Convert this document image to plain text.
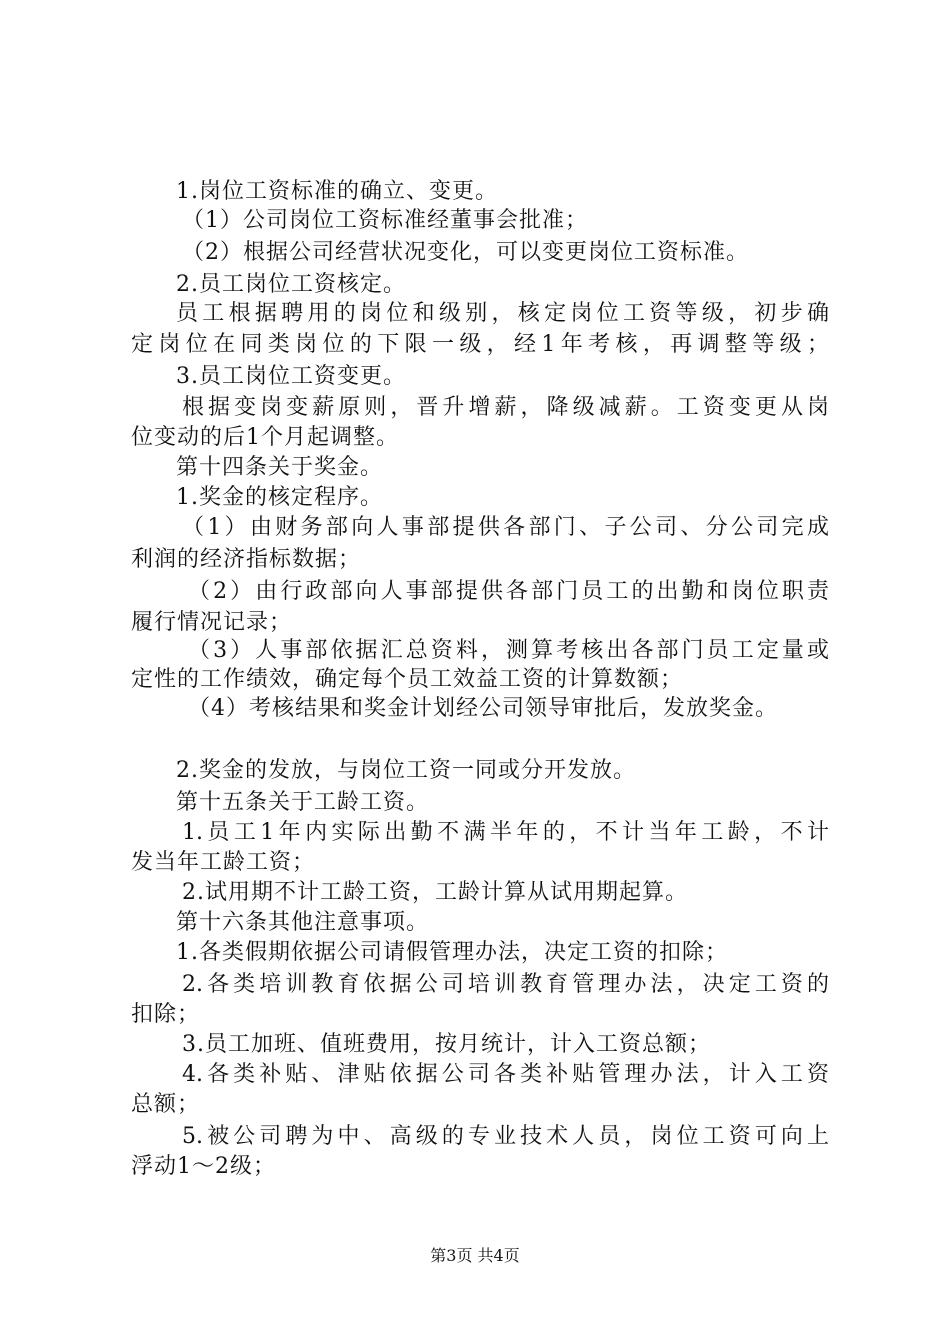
1.岗位工资标准的确立、变更。
（1）公司岗位工资标准经董事会批准；
（2）根据公司经营状况变化，可以变更岗位工资标准。
2.员工岗位工资核定。
员工根据聘用的岗位和级别，核定岗位工资等级，初步确
定岗位在同类岗位的下限一级，经1年考核，再调整等级；
3.员工岗位工资变更。
根据变岗变薪原则，晋升增薪，降级减薪。工资变更从岗
位变动的后1个月起调整。
第十四条关于奖金。
1.奖金的核定程序。
（1）由财务部向人事部提供各部门、子公司、分公司完成
利润的经济指标数据；
（2）由行政部向人事部提供各部门员工的出勤和岗位职责
履行情况记录；
（3）人事部依据汇总资料，测算考核出各部门员工定量或
定性的工作绩效，确定每个员工效益工资的计算数额；
（4）考核结果和奖金计划经公司领导审批后，发放奖金。
2.奖金的发放，与岗位工资一同或分开发放。
第十五条关于工龄工资。
1.员工1年内实际出勤不满半年的，不计当年工龄，不计
发当年工龄工资；
2.试用期不计工龄工资，工龄计算从试用期起算。
第十六条其他注意事项。
1.各类假期依据公司请假管理办法，决定工资的扣除；
2.各类培训教育依据公司培训教育管理办法，决定工资的
扣除；
3.员工加班、值班费用，按月统计，计入工资总额；
4.各类补贴、津贴依据公司各类补贴管理办法，计入工资
总额；
5.被公司聘为中、高级的专业技术人员，岗位工资可向上
浮动1～2级；
第3页 共4页
